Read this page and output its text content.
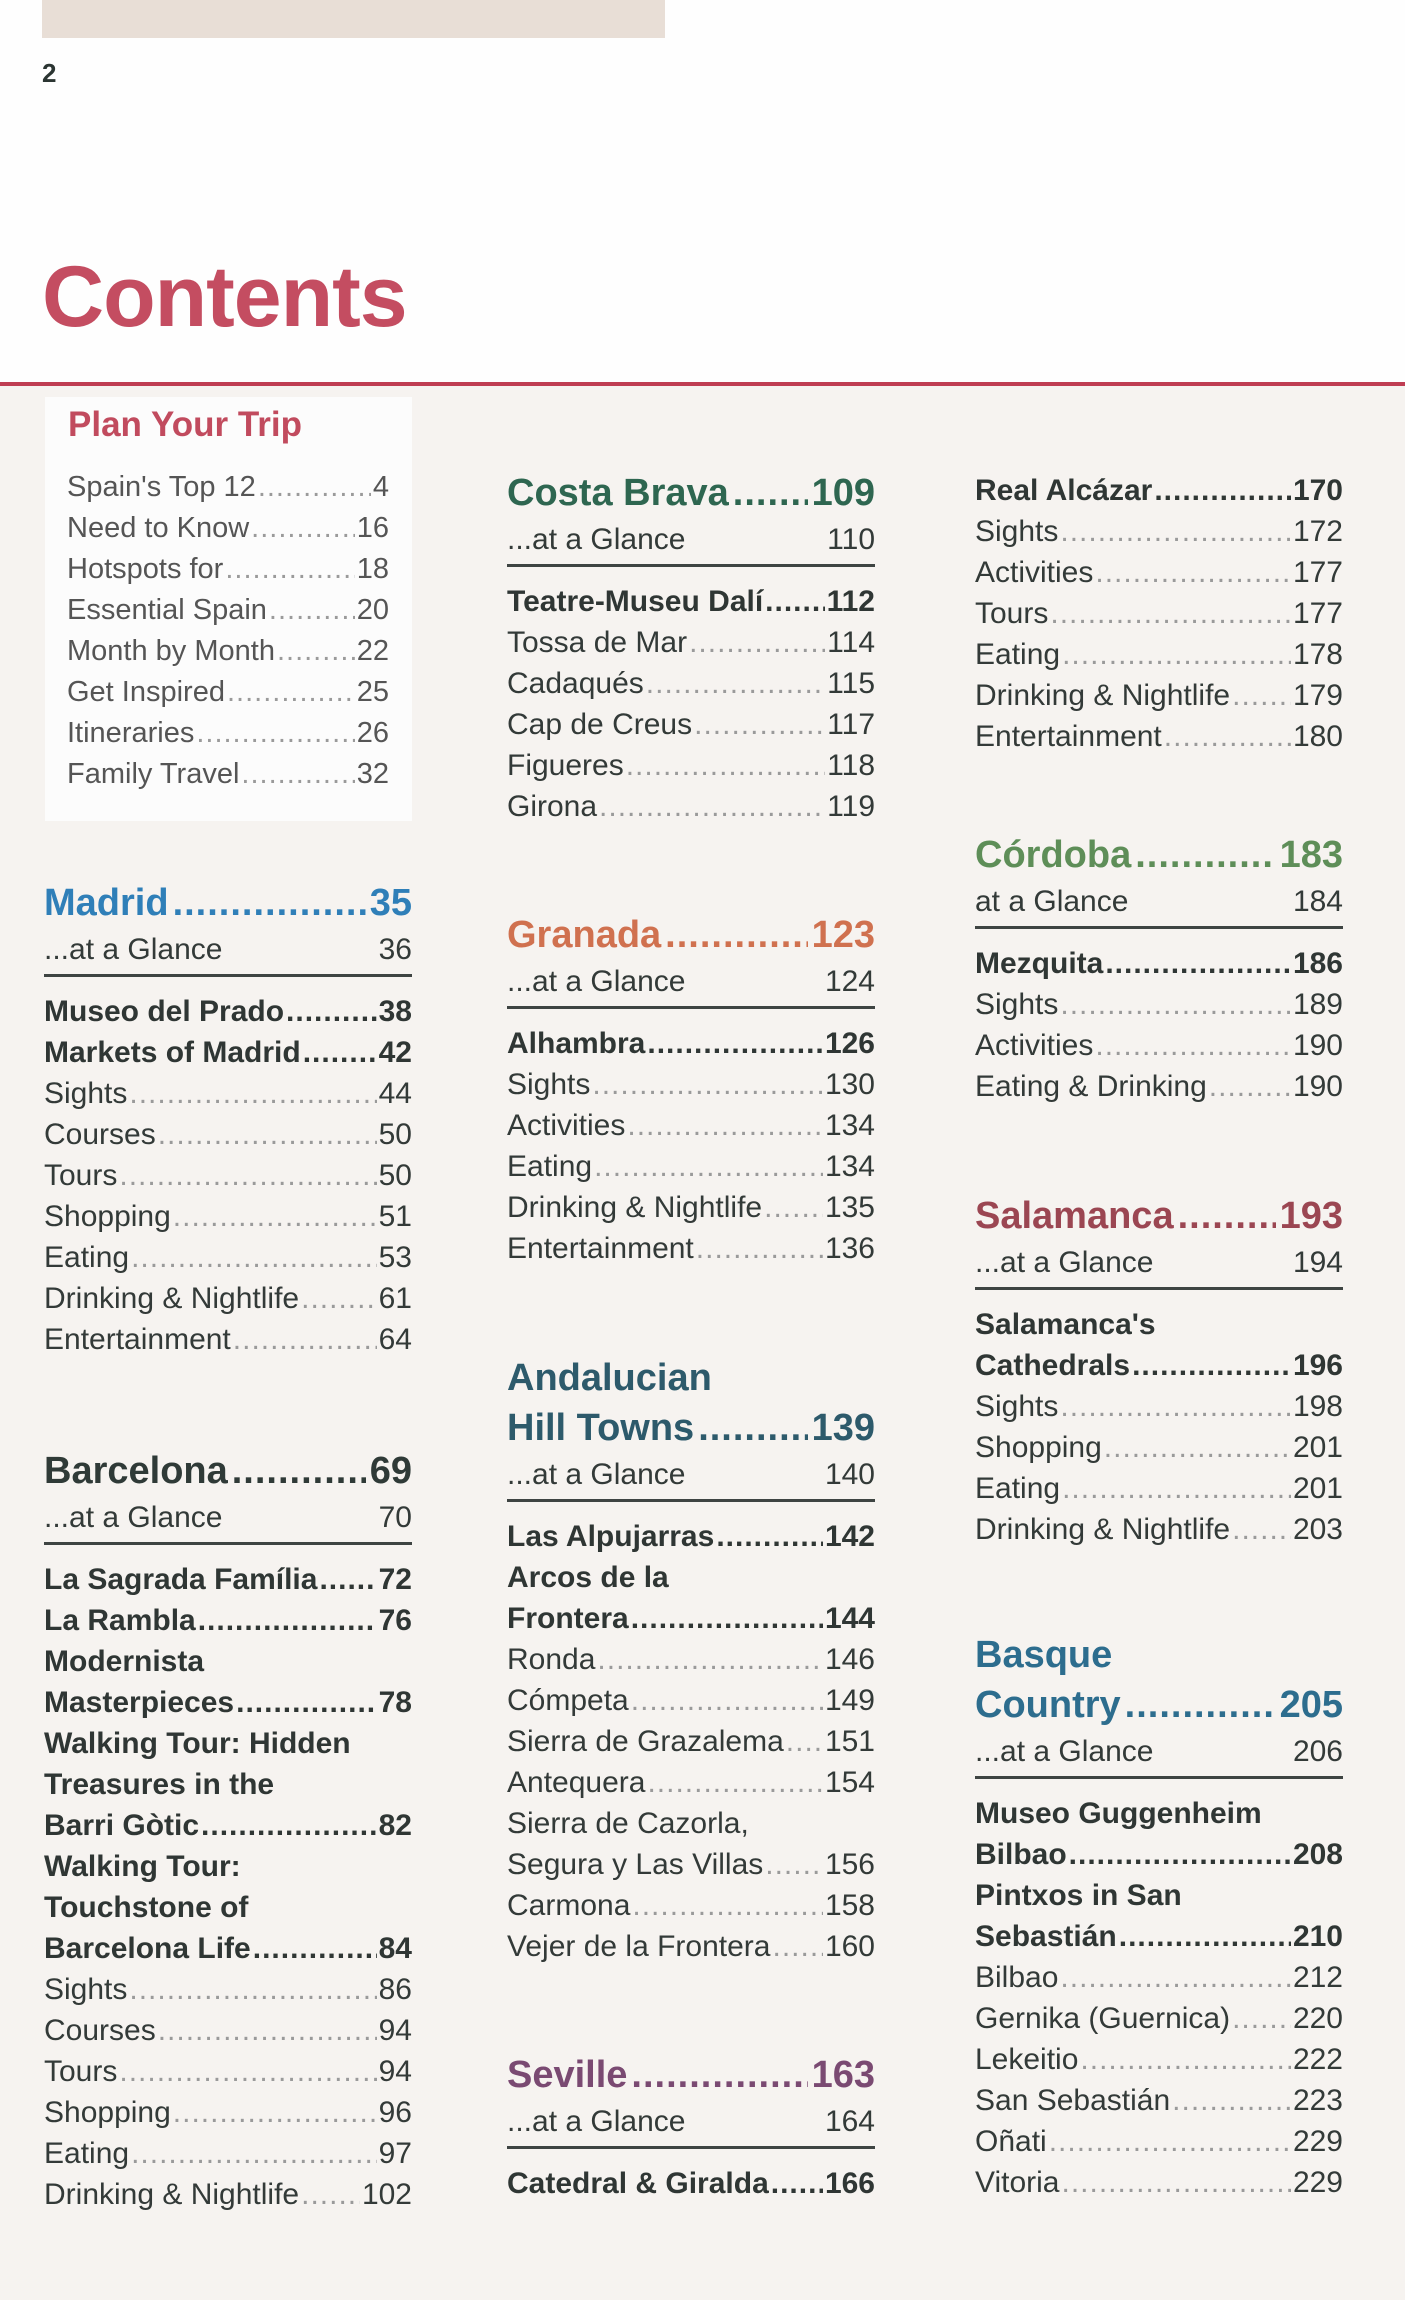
2
Contents
Plan Your Trip
Spain's Top 12 .....	4
Need to Know .....	16
Hotspots for .....	18
Essential Spain .....	20
Month by Month .....	22
Get Inspired .....	25
Itineraries .....	26
Family Travel .....	32
Madrid .....	35
...at a Glance	36
Museo del Prado .....	38
Markets of Madrid .....	42
Sights .....	44
Courses .....	50
Tours .....	50
Shopping .....	51
Eating .....	53
Drinking & Nightlife .....	61
Entertainment .....	64
Barcelona .....	69
...at a Glance	70
La Sagrada Família ..... 72
La Rambla .....	76
Modernista
Masterpieces .....	78
Walking Tour: Hidden
Treasures in the
Barri Gòtic .....	82
Walking Tour:
Touchstone of
Barcelona Life .....	84
Sights .....	86
Courses .....	94
Tours .....	94
Shopping .....	96
Eating .....	97
Drinking & Nightlife ..... 102
Costa Brava ..... 109
...at a Glance	110
Teatre-Museu Dalí ..... 112
Tossa de Mar .....	114
Cadaqués .....	115
Cap de Creus .....	117
Figueres .....	118
Girona .....	119
Granada .....	123
...at a Glance	124
Alhambra .....	126
Sights .....	130
Activities .....	134
Eating .....	134
Drinking & Nightlife ..... 135
Entertainment .....	136
Andalucian
Hill Towns .....	139
...at a Glance	140
Las Alpujarras .....	142
Arcos de la
Frontera .....	144
Ronda .....	146
Cómpeta .....	149
Sierra de Grazalema ..... 151
Antequera .....	154
Sierra de Cazorla,
Segura y Las Villas ..... 156
Carmona .....	158
Vejer de la Frontera ..... 160
Seville .....	163
...at a Glance	164
Catedral & Giralda ..... 166
Real Alcázar .....	170
Sights .....	172
Activities .....	177
Tours .....	177
Eating .....	178
Drinking & Nightlife ..... 179
Entertainment .....	180
Córdoba .....	183
at a Glance	184
Mezquita .....	186
Sights .....	189
Activities .....	190
Eating & Drinking .....	190
Salamanca .....	193
...at a Glance	194
Salamanca's
Cathedrals .....	196
Sights .....	198
Shopping .....	201
Eating .....	201
Drinking & Nightlife ..... 203
Basque
Country .....	205
...at a Glance	206
Museo Guggenheim
Bilbao .....	208
Pintxos in San
Sebastián .....	210
Bilbao .....	212
Gernika (Guernica) ..... 220
Lekeitio .....	222
San Sebastián .....	223
Oñati .....	229
Vitoria .....	229
